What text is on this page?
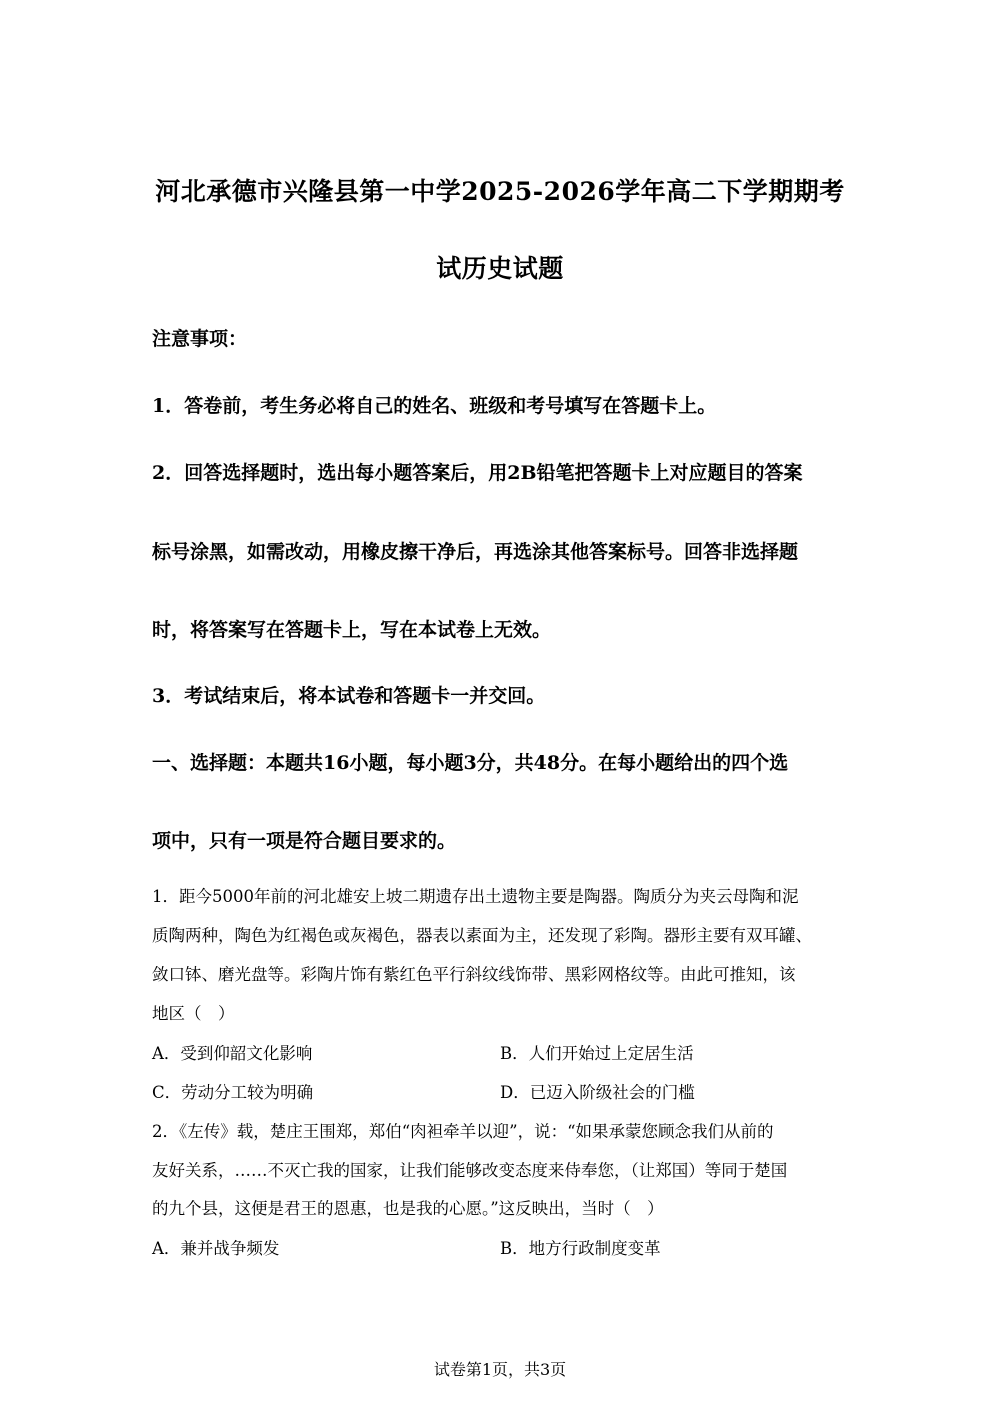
河北承德市兴隆县第一中学2025-2026学年高二下学期期考
试历史试题
注意事项：
1．答卷前，考生务必将自己的姓名、班级和考号填写在答题卡上。
2．回答选择题时，选出每小题答案后，用2B铅笔把答题卡上对应题目的答案
标号涂黑，如需改动，用橡皮擦干净后，再选涂其他答案标号。回答非选择题
时，将答案写在答题卡上，写在本试卷上无效。
3．考试结束后，将本试卷和答题卡一并交回。
一、选择题：本题共16小题，每小题3分，共48分。在每小题给出的四个选
项中，只有一项是符合题目要求的。
1．距今5000年前的河北雄安上坡二期遗存出土遗物主要是陶器。陶质分为夹云母陶和泥
质陶两种，陶色为红褐色或灰褐色，器表以素面为主，还发现了彩陶。器形主要有双耳罐、
敛口钵、磨光盘等。彩陶片饰有紫红色平行斜纹线饰带、黑彩网格纹等。由此可推知，该
地区（　）
A．受到仰韶文化影响	B．人们开始过上定居生活
C．劳动分工较为明确	D．已迈入阶级社会的门槛
2．《左传》载，楚庄王围郑，郑伯“肉袒牵羊以迎”，说：“如果承蒙您顾念我们从前的
友好关系，……不灭亡我的国家，让我们能够改变态度来侍奉您，（让郑国）等同于楚国
的九个县，这便是君王的恩惠，也是我的心愿。”这反映出，当时（　）
A．兼并战争频发	B．地方行政制度变革
试卷第1页，共3页
